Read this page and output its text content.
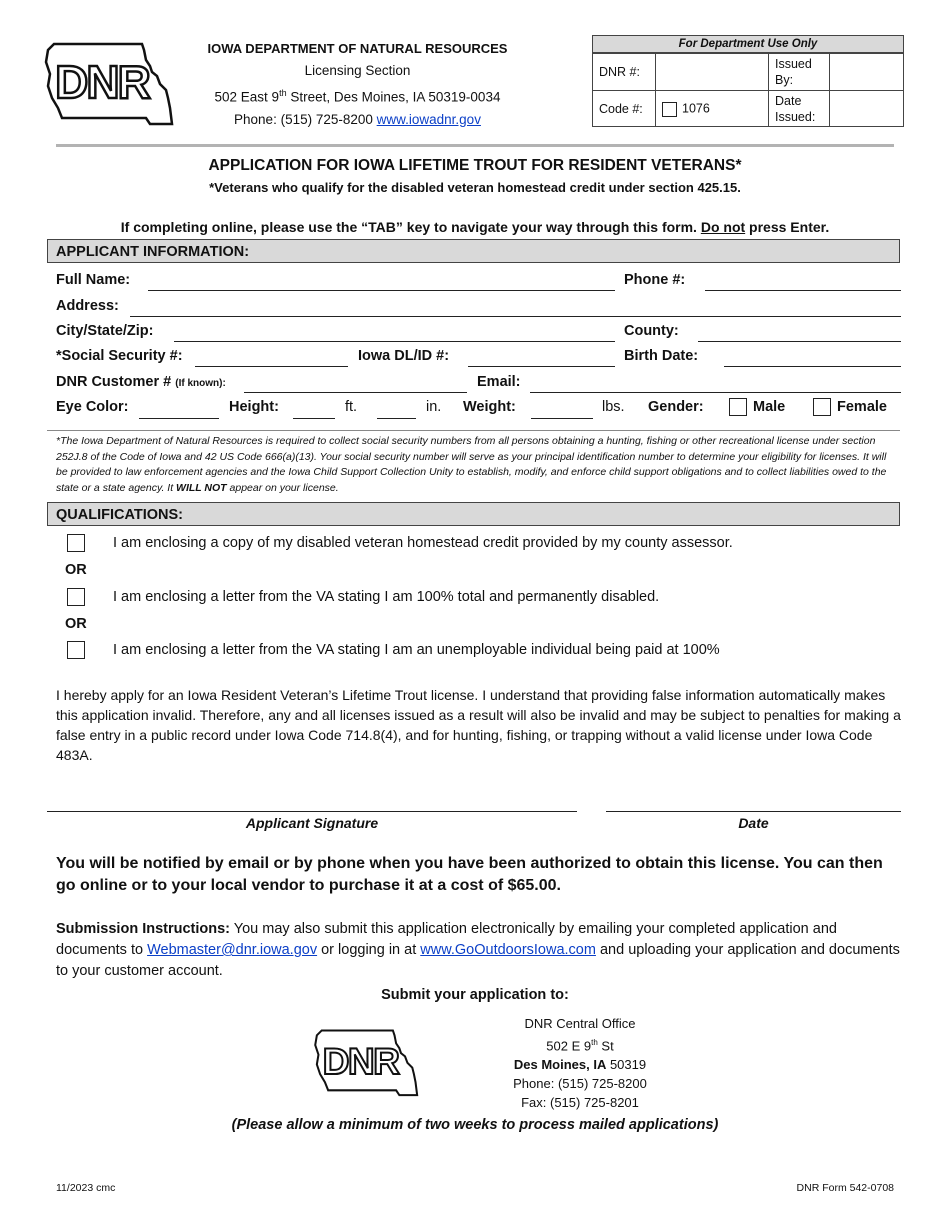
DNR
IOWA DEPARTMENT OF NATURAL RESOURCES
Licensing Section
502 East 9th Street, Des Moines, IA 50319-0034
Phone: (515) 725-8200 www.iowadnr.gov
For Department Use Only
DNR #:		Issued By:	
Code #:	1076	Date Issued:	
APPLICATION FOR IOWA LIFETIME TROUT FOR RESIDENT VETERANS*
*Veterans who qualify for the disabled veteran homestead credit under section 425.15.
If completing online, please use the “TAB” key to navigate your way through this form. Do not press Enter.
APPLICANT INFORMATION:
Full Name:	Phone #:
Address:
City/State/Zip:	County:
*Social Security #:	Iowa DL/ID #:	Birth Date:
DNR Customer # (If known):	Email:
Eye Color:	Height:	ft.	in. Weight:	lbs. Gender:	Male	Female
*The Iowa Department of Natural Resources is required to collect social security numbers from all persons obtaining a hunting, fishing or other recreational license under section 252J.8 of the Code of Iowa and 42 US Code 666(a)(13). Your social security number will serve as your principal identification number to determine your eligibility for licenses. It will be provided to law enforcement agencies and the Iowa Child Support Collection Unity to establish, modify, and enforce child support obligations and to collect liabilities owed to the state or a state agency. It WILL NOT appear on your license.
QUALIFICATIONS:
I am enclosing a copy of my disabled veteran homestead credit provided by my county assessor.
OR
I am enclosing a letter from the VA stating I am 100% total and permanently disabled.
OR
I am enclosing a letter from the VA stating I am an unemployable individual being paid at 100%
I hereby apply for an Iowa Resident Veteran’s Lifetime Trout license. I understand that providing false information automatically makes this application invalid. Therefore, any and all licenses issued as a result will also be invalid and may be subject to penalties for making a false entry in a public record under Iowa Code 714.8(4), and for hunting, fishing, or trapping without a valid license under Iowa Code 483A.
Applicant Signature	Date
You will be notified by email or by phone when you have been authorized to obtain this license. You can then go online or to your local vendor to purchase it at a cost of $65.00.
Submission Instructions: You may also submit this application electronically by emailing your completed application and documents to Webmaster@dnr.iowa.gov or logging in at www.GoOutdoorsIowa.com and uploading your application and documents to your customer account.
Submit your application to:
DNR
DNR Central Office
502 E 9th St
Des Moines, IA 50319
Phone: (515) 725-8200
Fax: (515) 725-8201
(Please allow a minimum of two weeks to process mailed applications)
11/2023 cmc	DNR Form 542-0708
